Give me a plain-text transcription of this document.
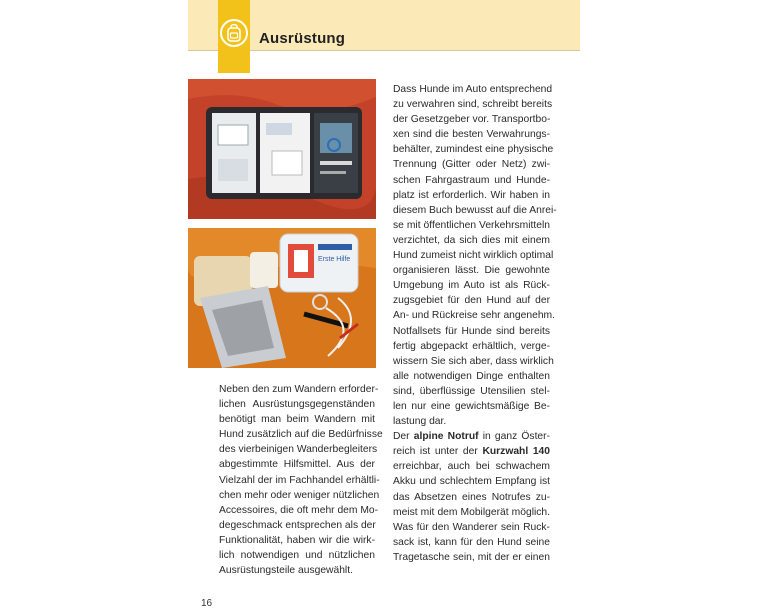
Ausrüstung
Erste Hilfe
Neben den zum Wandern erforder-
lichen Ausrüstungsgegenständen
benötigt man beim Wandern mit
Hund zusätzlich auf die Bedürfnisse
des vierbeinigen Wanderbegleiters
abgestimmte Hilfsmittel. Aus der
Vielzahl der im Fachhandel erhältli-
chen mehr oder weniger nützlichen
Accessoires, die oft mehr dem Mo-
degeschmack entsprechen als der
Funktionalität, haben wir die wirk-
lich notwendigen und nützlichen
Ausrüstungsteile ausgewählt.
Dass Hunde im Auto entsprechend
zu verwahren sind, schreibt bereits
der Gesetzgeber vor. Transportbo-
xen sind die besten Verwahrungs-
behälter, zumindest eine physische
Trennung (Gitter oder Netz) zwi-
schen Fahrgastraum und Hunde-
platz ist erforderlich. Wir haben in
diesem Buch bewusst auf die Anrei-
se mit öffentlichen Verkehrsmitteln
verzichtet, da sich dies mit einem
Hund zumeist nicht wirklich optimal
organisieren lässt. Die gewohnte
Umgebung im Auto ist als Rück-
zugsgebiet für den Hund auf der
An- und Rückreise sehr angenehm.
Notfallsets für Hunde sind bereits
fertig abgepackt erhältlich, verge-
wissern Sie sich aber, dass wirklich
alle notwendigen Dinge enthalten
sind, überflüssige Utensilien stel-
len nur eine gewichtsmäßige Be-
lastung dar.
Der alpine Notruf in ganz Öster-
reich ist unter der Kurzwahl 140
erreichbar, auch bei schwachem
Akku und schlechtem Empfang ist
das Absetzen eines Notrufes zu-
meist mit dem Mobilgerät möglich.
Was für den Wanderer sein Ruck-
sack ist, kann für den Hund seine
Tragetasche sein, mit der er einen
16
